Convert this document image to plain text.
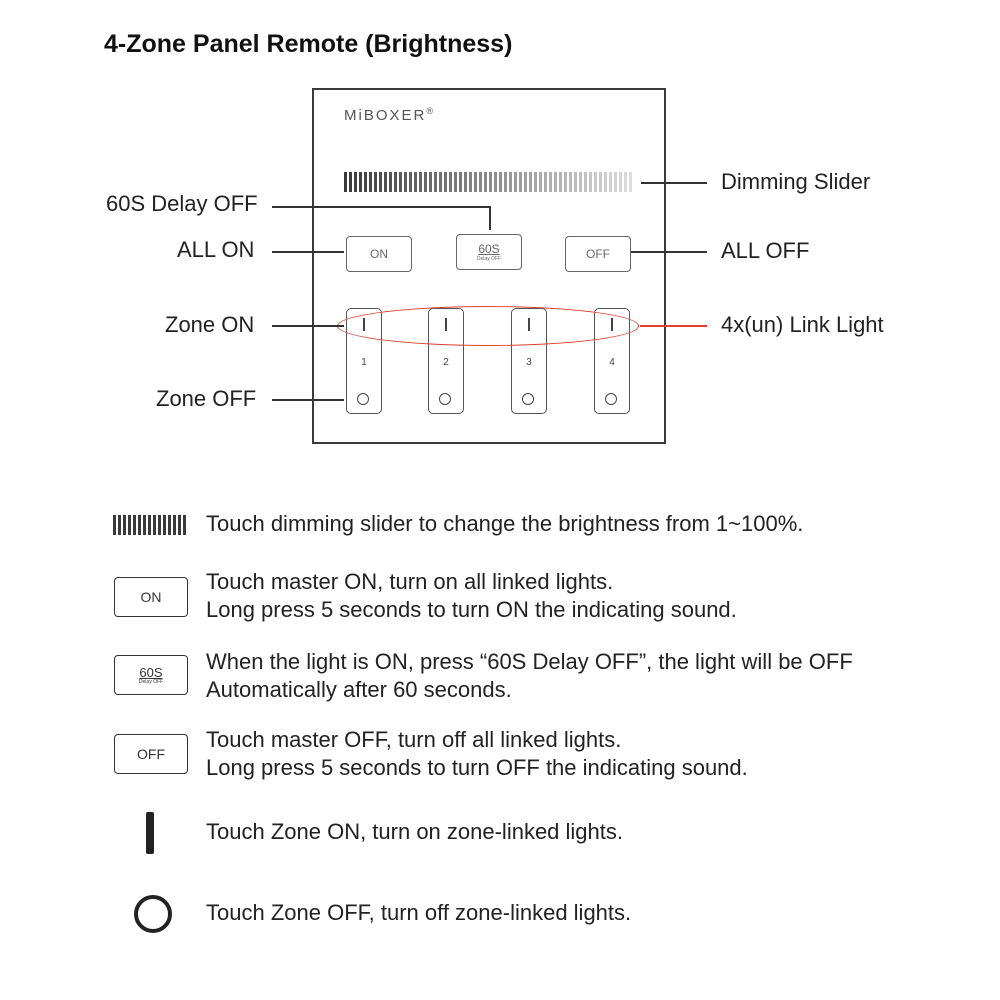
4-Zone Panel Remote (Brightness)
MiBOXER®
ON	60S
Delay OFF	OFF
1	2	3	4
60S Delay OFF
ALL ON
Zone ON
Zone OFF
Dimming Slider
ALL OFF
4x(un) Link Light
Touch dimming slider to change the brightness from 1~100%.
ON
Touch master ON, turn on all linked lights.
Long press 5 seconds to turn ON the indicating sound.
60S
Delay OFF
When the light is ON, press “60S Delay OFF”, the light will be OFF
Automatically after 60 seconds.
OFF
Touch master OFF, turn off all linked lights.
Long press 5 seconds to turn OFF the indicating sound.
Touch Zone ON, turn on zone-linked lights.
Touch Zone OFF, turn off zone-linked lights.
